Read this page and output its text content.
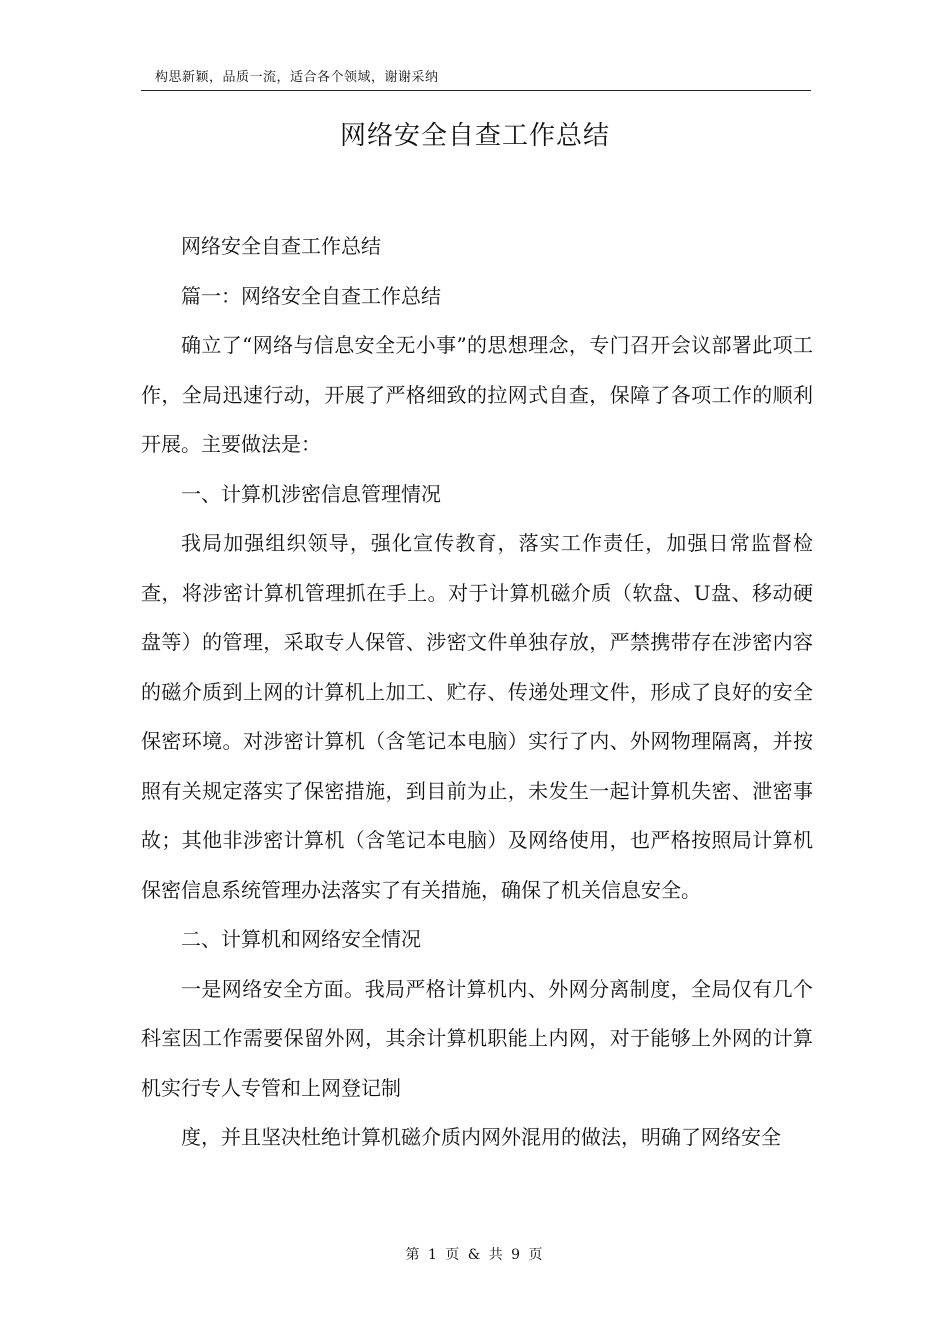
构思新颖，品质一流，适合各个领域，谢谢采纳
网络安全自查工作总结

网络安全自查工作总结

篇一：网络安全自查工作总结

确立了“网络与信息安全无小事”的思想理念，专门召开会议部署此项工作，全局迅速行动，开展了严格细致的拉网式自查，保障了各项工作的顺利开展。主要做法是：

一、计算机涉密信息管理情况

我局加强组织领导，强化宣传教育，落实工作责任，加强日常监督检查，将涉密计算机管理抓在手上。对于计算机磁介质（软盘、U盘、移动硬盘等）的管理，采取专人保管、涉密文件单独存放，严禁携带存在涉密内容的磁介质到上网的计算机上加工、贮存、传递处理文件，形成了良好的安全保密环境。对涉密计算机（含笔记本电脑）实行了内、外网物理隔离，并按照有关规定落实了保密措施，到目前为止，未发生一起计算机失密、泄密事故；其他非涉密计算机（含笔记本电脑）及网络使用，也严格按照局计算机保密信息系统管理办法落实了有关措施，确保了机关信息安全。

二、计算机和网络安全情况

一是网络安全方面。我局严格计算机内、外网分离制度，全局仅有几个科室因工作需要保留外网，其余计算机职能上内网，对于能够上外网的计算机实行专人专管和上网登记制

度，并且坚决杜绝计算机磁介质内网外混用的做法，明确了网络安全

第 1 页 & 共 9 页
